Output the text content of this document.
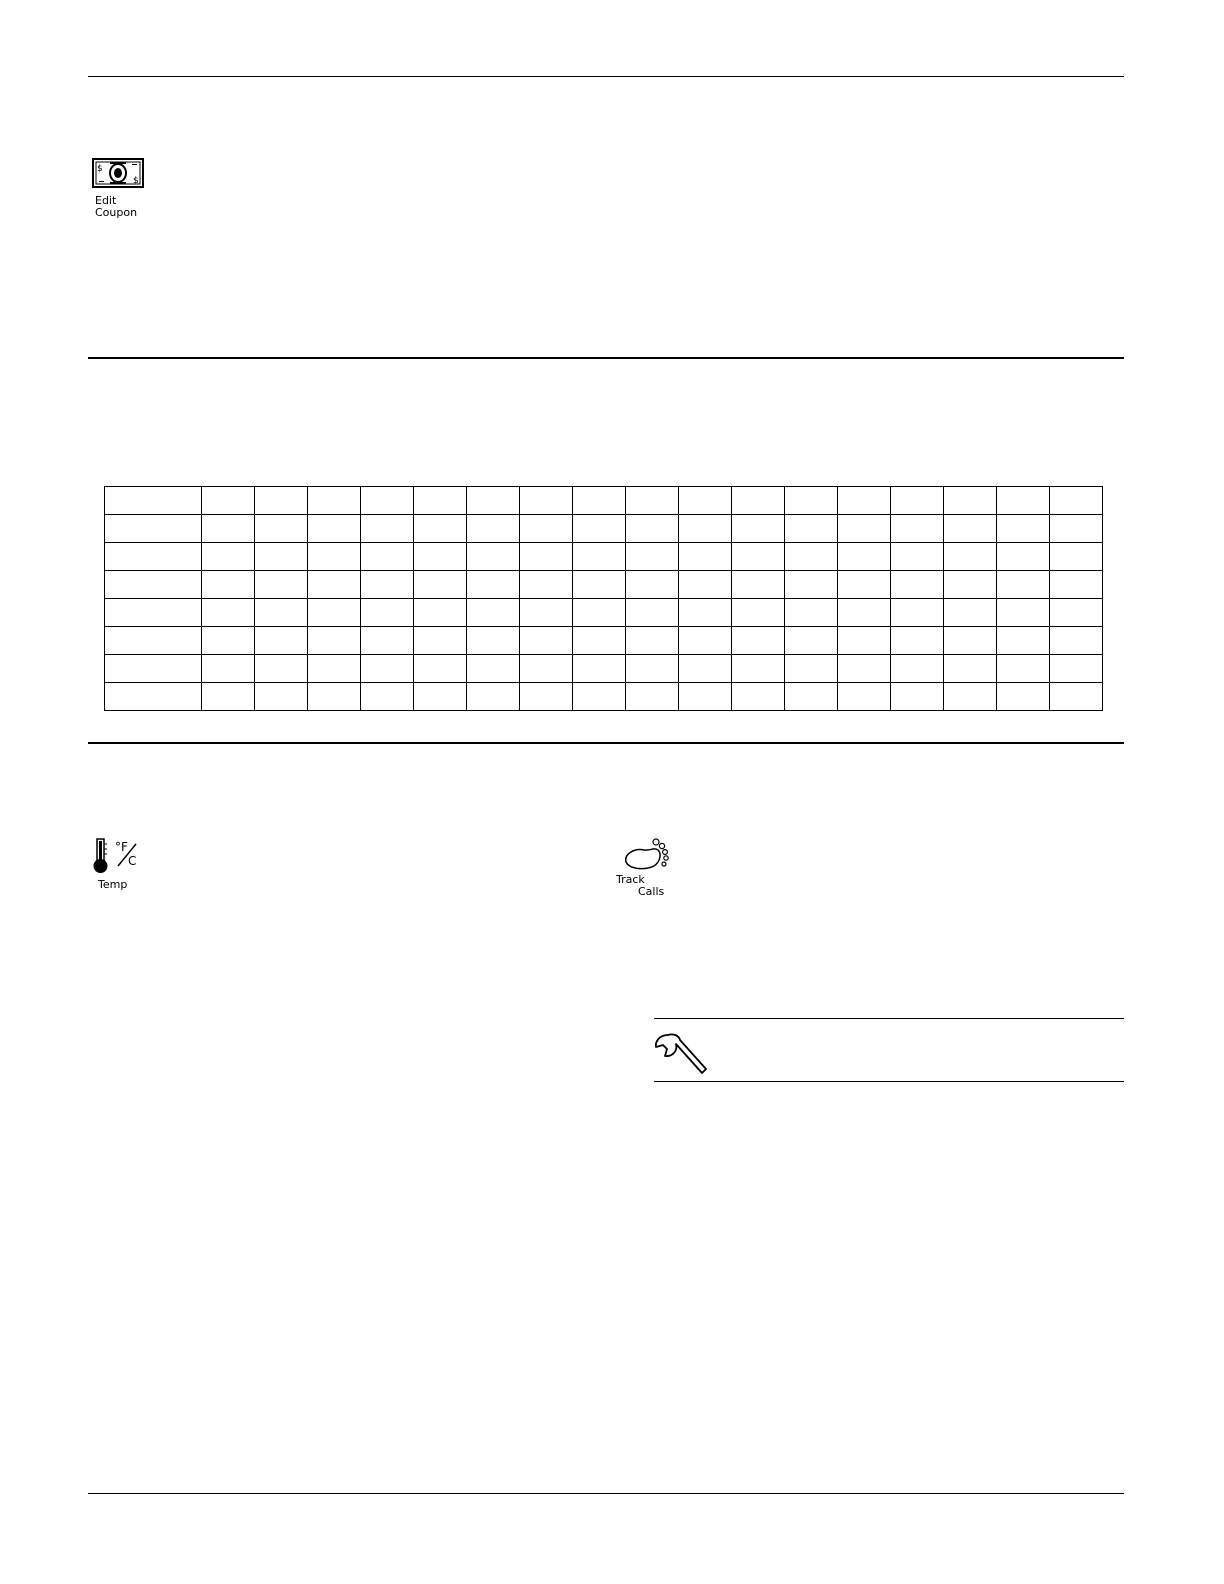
$
$
Edit
Coupon

°F
C
Temp	Track
Calls
